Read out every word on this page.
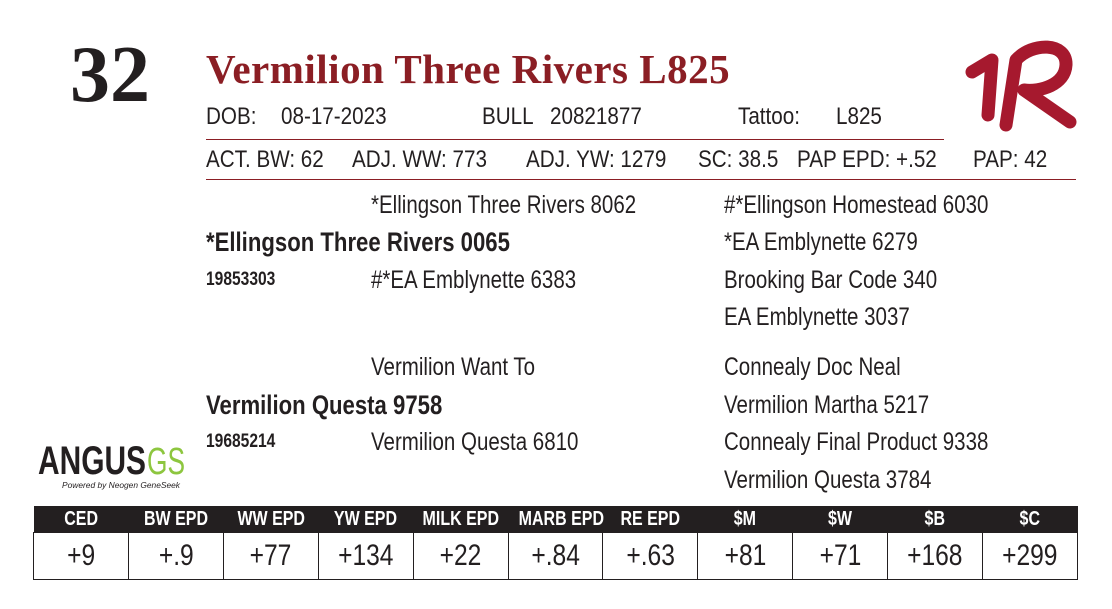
32 Vermilion Three Rivers L825
DOB: 08-17-2023	BULL 20821877	Tattoo: L825
ACT. BW: 62 ADJ. WW: 773 ADJ. YW: 1279 SC: 38.5 PAP EPD: +.52 PAP: 42
*Ellingson Three Rivers 8062
*Ellingson Three Rivers 0065
19853303	#*EA Emblynette 6383
#*Ellingson Homestead 6030
*EA Emblynette 6279
Brooking Bar Code 340
EA Emblynette 3037
Vermilion Want To
Vermilion Questa 9758
19685214	Vermilion Questa 6810
Connealy Doc Neal
Vermilion Martha 5217
Connealy Final Product 9338
Vermilion Questa 3784
ANGUS GS
Powered by Neogen GeneSeek
CED	BW EPD	WW EPD	YW EPD	MILK EPD	MARB EPD	RE EPD	$M	$W	$B	$C
+9	+.9	+77	+134	+22	+.84	+.63	+81	+71	+168	+299
